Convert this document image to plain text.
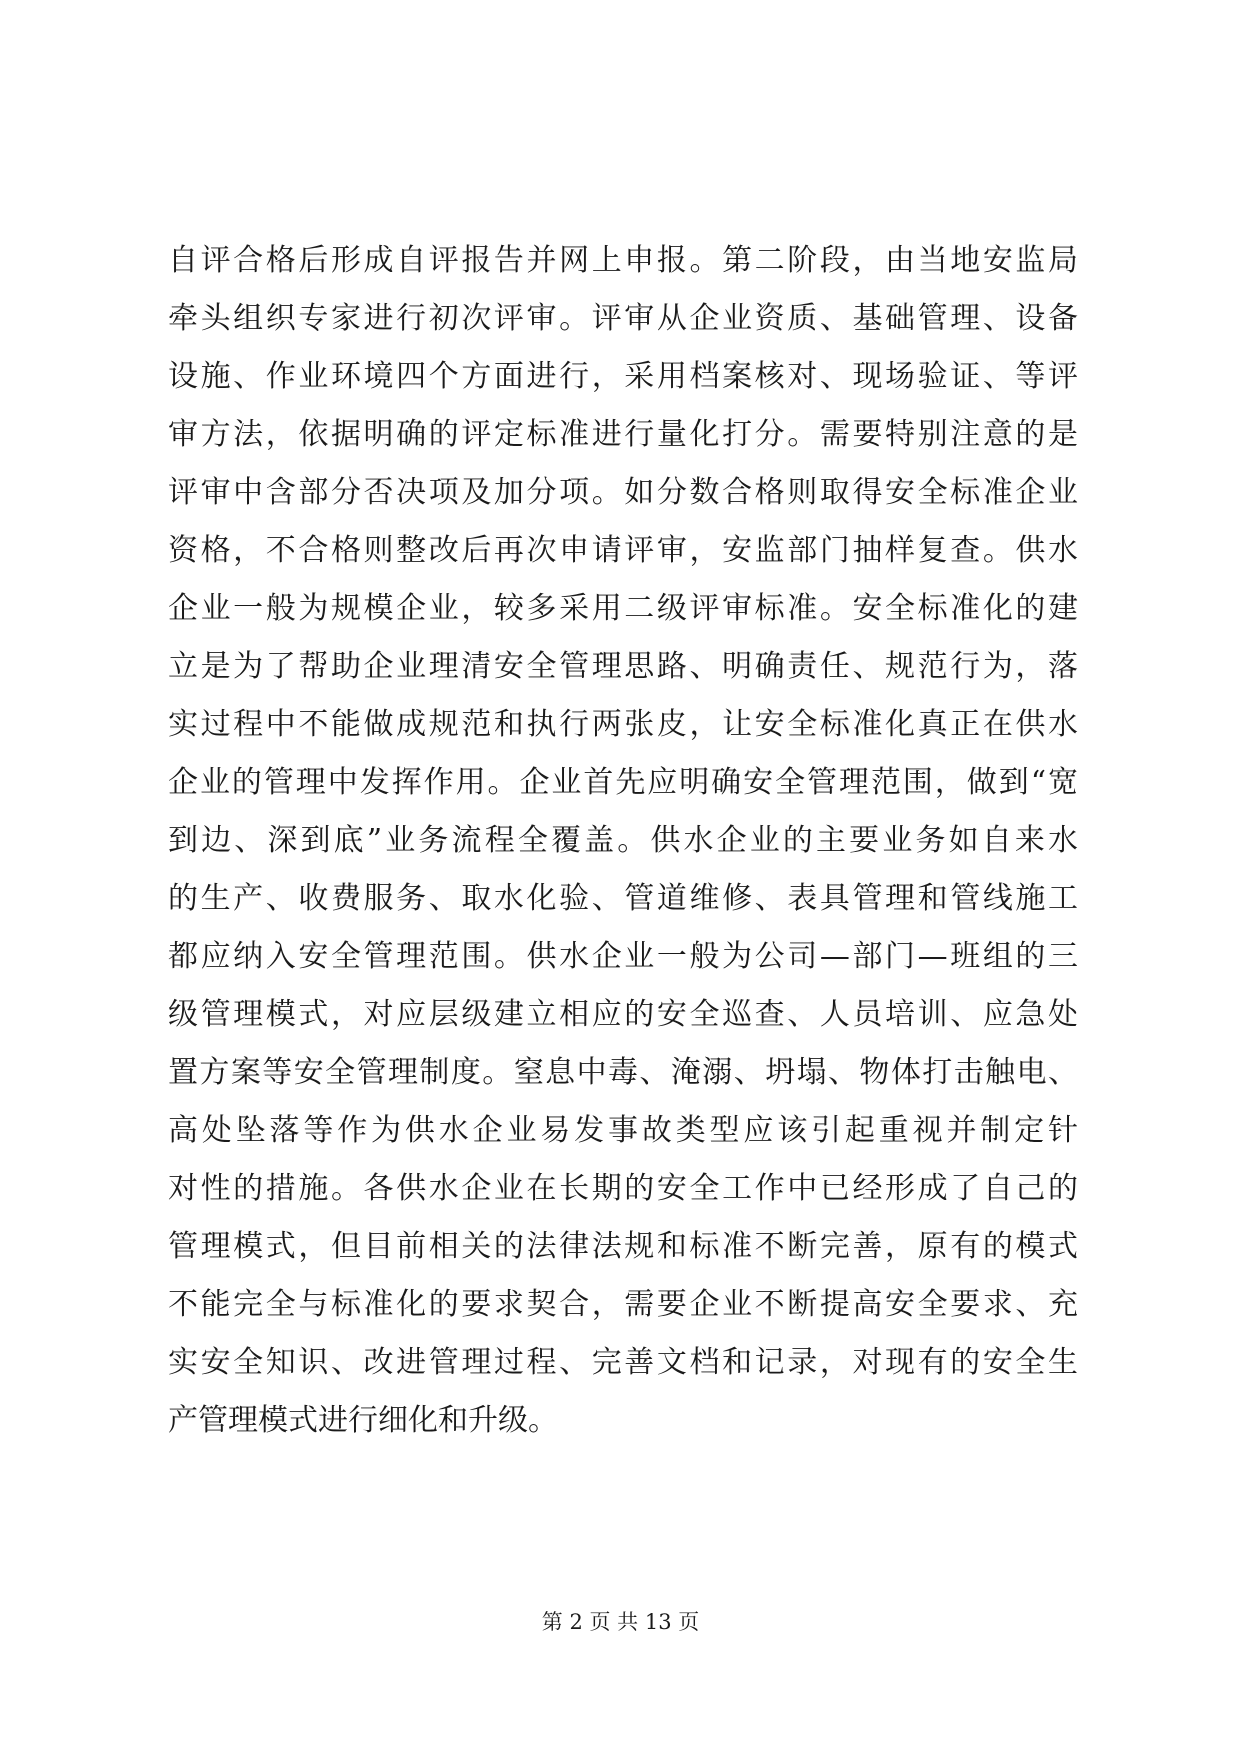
自评合格后形成自评报告并网上申报。第二阶段，由当地安监局
牵头组织专家进行初次评审。评审从企业资质、基础管理、设备
设施、作业环境四个方面进行，采用档案核对、现场验证、等评
审方法，依据明确的评定标准进行量化打分。需要特别注意的是
评审中含部分否决项及加分项。如分数合格则取得安全标准企业
资格，不合格则整改后再次申请评审，安监部门抽样复查。供水
企业一般为规模企业，较多采用二级评审标准。安全标准化的建
立是为了帮助企业理清安全管理思路、明确责任、规范行为，落
实过程中不能做成规范和执行两张皮，让安全标准化真正在供水
企业的管理中发挥作用。企业首先应明确安全管理范围，做到“宽
到边、深到底”业务流程全覆盖。供水企业的主要业务如自来水
的生产、收费服务、取水化验、管道维修、表具管理和管线施工
都应纳入安全管理范围。供水企业一般为公司—部门—班组的三
级管理模式，对应层级建立相应的安全巡查、人员培训、应急处
置方案等安全管理制度。窒息中毒、淹溺、坍塌、物体打击触电、
高处坠落等作为供水企业易发事故类型应该引起重视并制定针
对性的措施。各供水企业在长期的安全工作中已经形成了自己的
管理模式，但目前相关的法律法规和标准不断完善，原有的模式
不能完全与标准化的要求契合，需要企业不断提高安全要求、充
实安全知识、改进管理过程、完善文档和记录，对现有的安全生
产管理模式进行细化和升级。
第 2 页 共 13 页
